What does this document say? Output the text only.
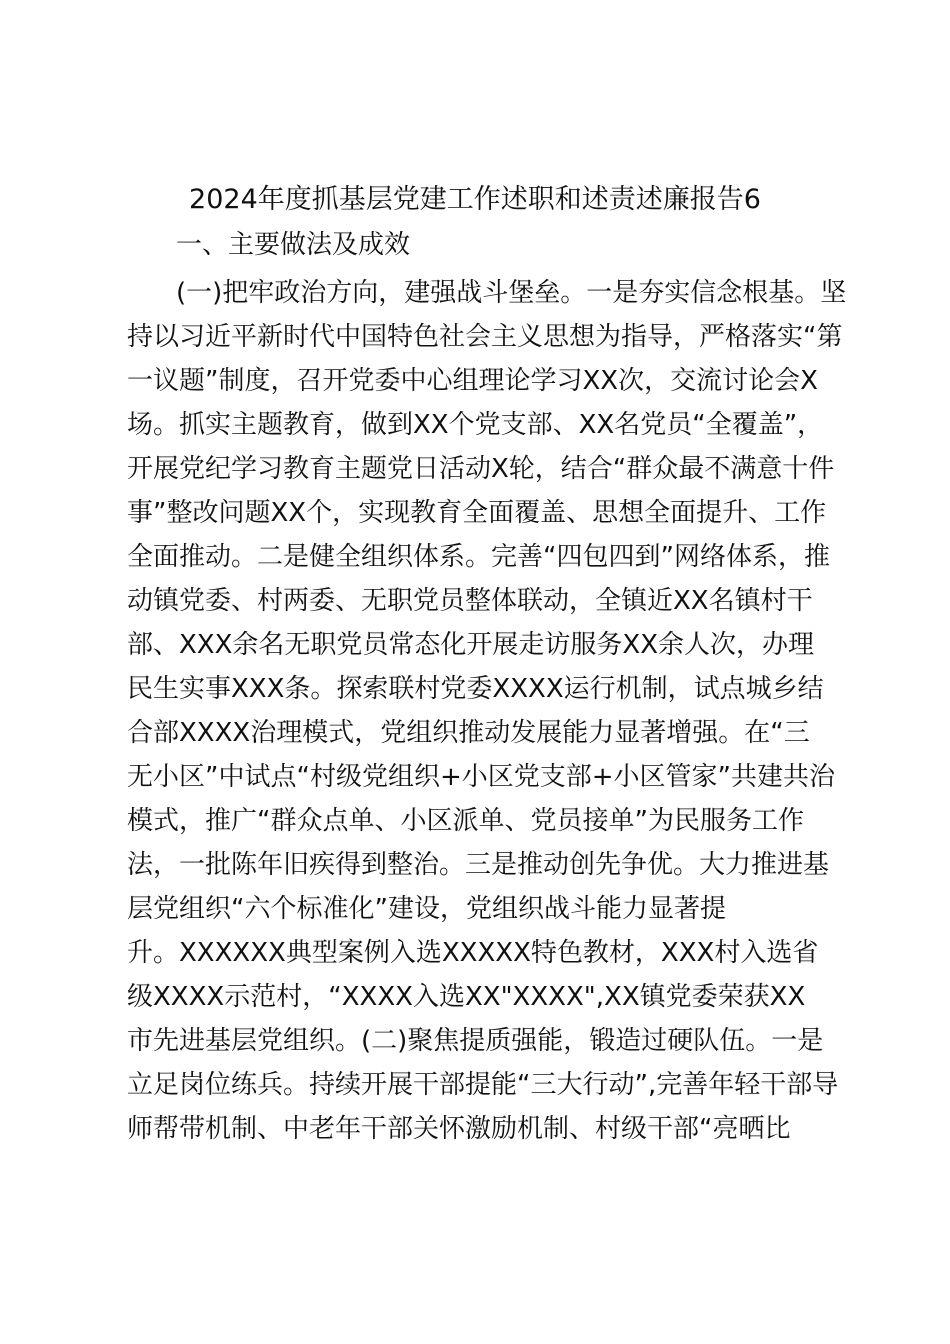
2024年度抓基层党建工作述职和述责述廉报告6
一、主要做法及成效
(一)把牢政治方向，建强战斗堡垒。一是夯实信念根基。坚
持以习近平新时代中国特色社会主义思想为指导，严格落实“第
一议题”制度，召开党委中心组理论学习XX次，交流讨论会X
场。抓实主题教育，做到XX个党支部、XX名党员“全覆盖”，
开展党纪学习教育主题党日活动X轮，结合“群众最不满意十件
事”整改问题XX个，实现教育全面覆盖、思想全面提升、工作
全面推动。二是健全组织体系。完善“四包四到”网络体系，推
动镇党委、村两委、无职党员整体联动，全镇近XX名镇村干
部、XXX余名无职党员常态化开展走访服务XX余人次，办理
民生实事XXX条。探索联村党委XXXX运行机制，试点城乡结
合部XXXX治理模式，党组织推动发展能力显著增强。在“三
无小区”中试点“村级党组织+小区党支部+小区管家”共建共治
模式，推广“群众点单、小区派单、党员接单”为民服务工作
法，一批陈年旧疾得到整治。三是推动创先争优。大力推进基
层党组织“六个标准化”建设，党组织战斗能力显著提
升。XXXXXX典型案例入选XXXXX特色教材，XXX村入选省
级XXXX示范村，“XXXX入选XX"XXXX",XX镇党委荣获XX
市先进基层党组织。(二)聚焦提质强能，锻造过硬队伍。一是
立足岗位练兵。持续开展干部提能“三大行动”,完善年轻干部导
师帮带机制、中老年干部关怀激励机制、村级干部“亮晒比
